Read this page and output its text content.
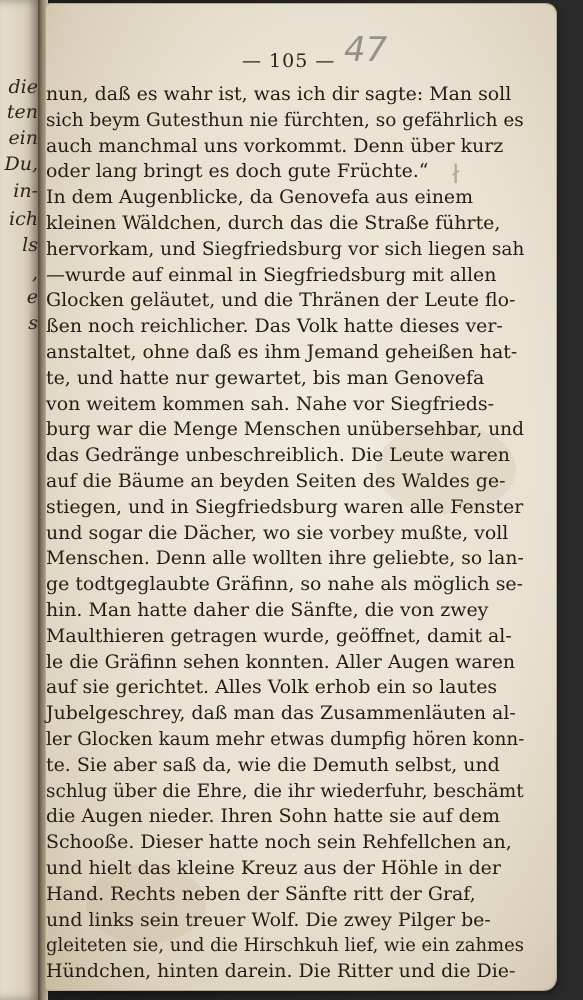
die
ten
ein
Du,
in-
ich
ls
,
e
s
— 105 — 47
ł
nun, daß es wahr ist, was ich dir sagte: Man soll
sich beym Gutesthun nie fürchten, so gefährlich es
auch manchmal uns vorkommt. Denn über kurz
oder lang bringt es doch gute Früchte.“
In dem Augenblicke, da Genovefa aus einem
kleinen Wäldchen, durch das die Straße führte,
hervorkam, und Siegfriedsburg vor sich liegen sah
—wurde auf einmal in Siegfriedsburg mit allen
Glocken geläutet, und die Thränen der Leute flo-
ßen noch reichlicher. Das Volk hatte dieses ver-
anstaltet, ohne daß es ihm Jemand geheißen hat-
te, und hatte nur gewartet, bis man Genovefa
von weitem kommen sah. Nahe vor Siegfrieds-
burg war die Menge Menschen unübersehbar, und
das Gedränge unbeschreiblich. Die Leute waren
auf die Bäume an beyden Seiten des Waldes ge-
stiegen, und in Siegfriedsburg waren alle Fenster
und sogar die Dächer, wo sie vorbey mußte, voll
Menschen. Denn alle wollten ihre geliebte, so lan-
ge todtgeglaubte Gräfinn, so nahe als möglich se-
hin. Man hatte daher die Sänfte, die von zwey
Maulthieren getragen wurde, geöffnet, damit al-
le die Gräfinn sehen konnten. Aller Augen waren
auf sie gerichtet. Alles Volk erhob ein so lautes
Jubelgeschrey, daß man das Zusammenläuten al-
ler Glocken kaum mehr etwas dumpfig hören konn-
te. Sie aber saß da, wie die Demuth selbst, und
schlug über die Ehre, die ihr wiederfuhr, beschämt
die Augen nieder. Ihren Sohn hatte sie auf dem
Schooße. Dieser hatte noch sein Rehfellchen an,
und hielt das kleine Kreuz aus der Höhle in der
Hand. Rechts neben der Sänfte ritt der Graf,
und links sein treuer Wolf. Die zwey Pilger be-
gleiteten sie, und die Hirschkuh lief, wie ein zahmes
Hündchen, hinten darein. Die Ritter und die Die-
